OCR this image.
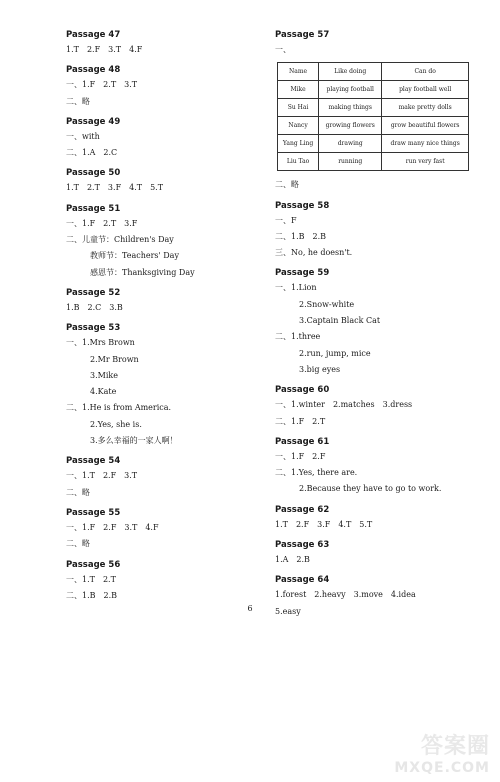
Passage 47
1.T　2.F　3.T　4.F
Passage 48
一、1.F　2.T　3.T
二、略
Passage 49
一、with
二、1.A　2.C
Passage 50
1.T　2.T　3.F　4.T　5.T
Passage 51
一、1.F　2.T　3.F
二、儿童节：Children's Day
教师节：Teachers' Day
感恩节：Thanksgiving Day
Passage 52
1.B　2.C　3.B
Passage 53
一、1.Mrs Brown
2.Mr Brown
3.Mike
4.Kate
二、1.He is from America.
2.Yes, she is.
3.多么幸福的一家人啊！
Passage 54
一、1.T　2.F　3.T
二、略
Passage 55
一、1.F　2.F　3.T　4.F
二、略
Passage 56
一、1.T　2.T
二、1.B　2.B
Passage 57
一、
Name	Like doing	Can do
Mike	playing football	play football well
Su Hai	making things	make pretty dolls
Nancy	growing flowers	grow beautiful flowers
Yang Ling	drawing	draw many nice things
Liu Tao	running	run very fast
二、略
Passage 58
一、F
二、1.B　2.B
三、No, he doesn't.
Passage 59
一、1.Lion
2.Snow-white
3.Captain Black Cat
二、1.three
2.run, jump, mice
3.big eyes
Passage 60
一、1.winter　2.matches　3.dress
二、1.F　2.T
Passage 61
一、1.F　2.F
二、1.Yes, there are.
2.Because they have to go to work.
Passage 62
1.T　2.F　3.F　4.T　5.T
Passage 63
1.A　2.B
Passage 64
1.forest　2.heavy　3.move　4.idea
5.easy
6
答案圈
MXQE.COM
